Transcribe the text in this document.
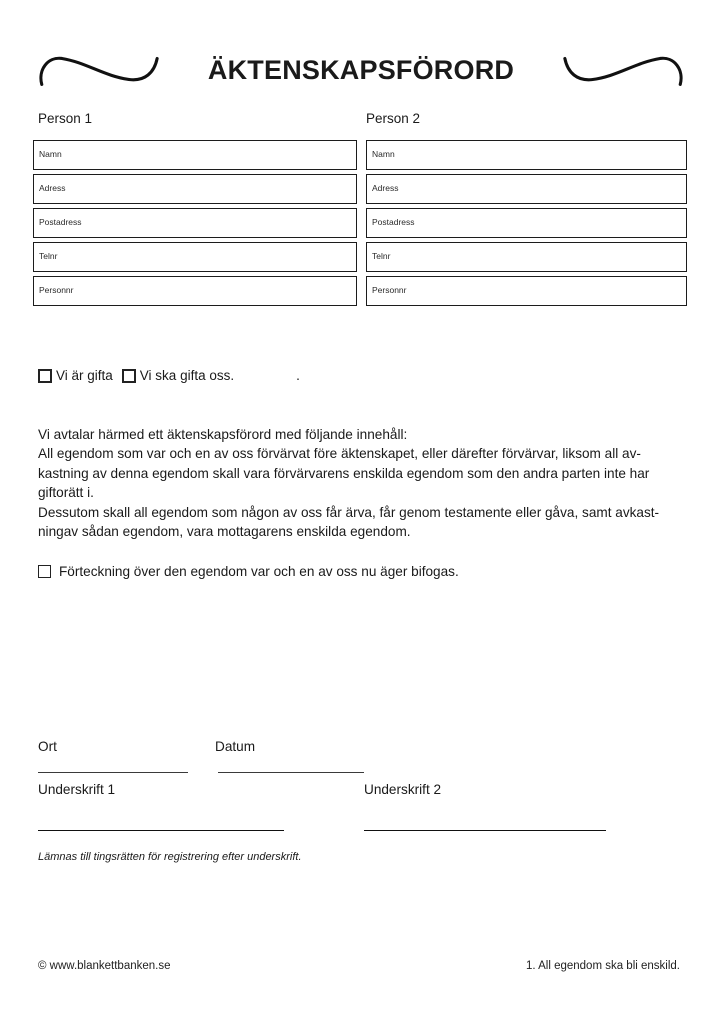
ÄKTENSKAPSFÖRORD
Person 1	Person 2
Namn
Adress
Postadress
Telnr
Personnr
Namn
Adress
Postadress
Telnr
Personnr
Vi är gifta Vi ska gifta oss.	.
Vi avtalar härmed ett äktenskapsförord med följande innehåll:
All egendom som var och en av oss förvärvat före äktenskapet, eller därefter förvärvar, liksom all av-
kastning av denna egendom skall vara förvärvarens enskilda egendom som den andra parten inte har
giftorätt i.
Dessutom skall all egendom som någon av oss får ärva, får genom testamente eller gåva, samt avkast-
ningav sådan egendom, vara mottagarens enskilda egendom.
Förteckning över den egendom var och en av oss nu äger bifogas.
Ort	Datum
Underskrift 1	Underskrift 2
Lämnas till tingsrätten för registrering efter underskrift.
© www.blankettbanken.se	1. All egendom ska bli enskild.
